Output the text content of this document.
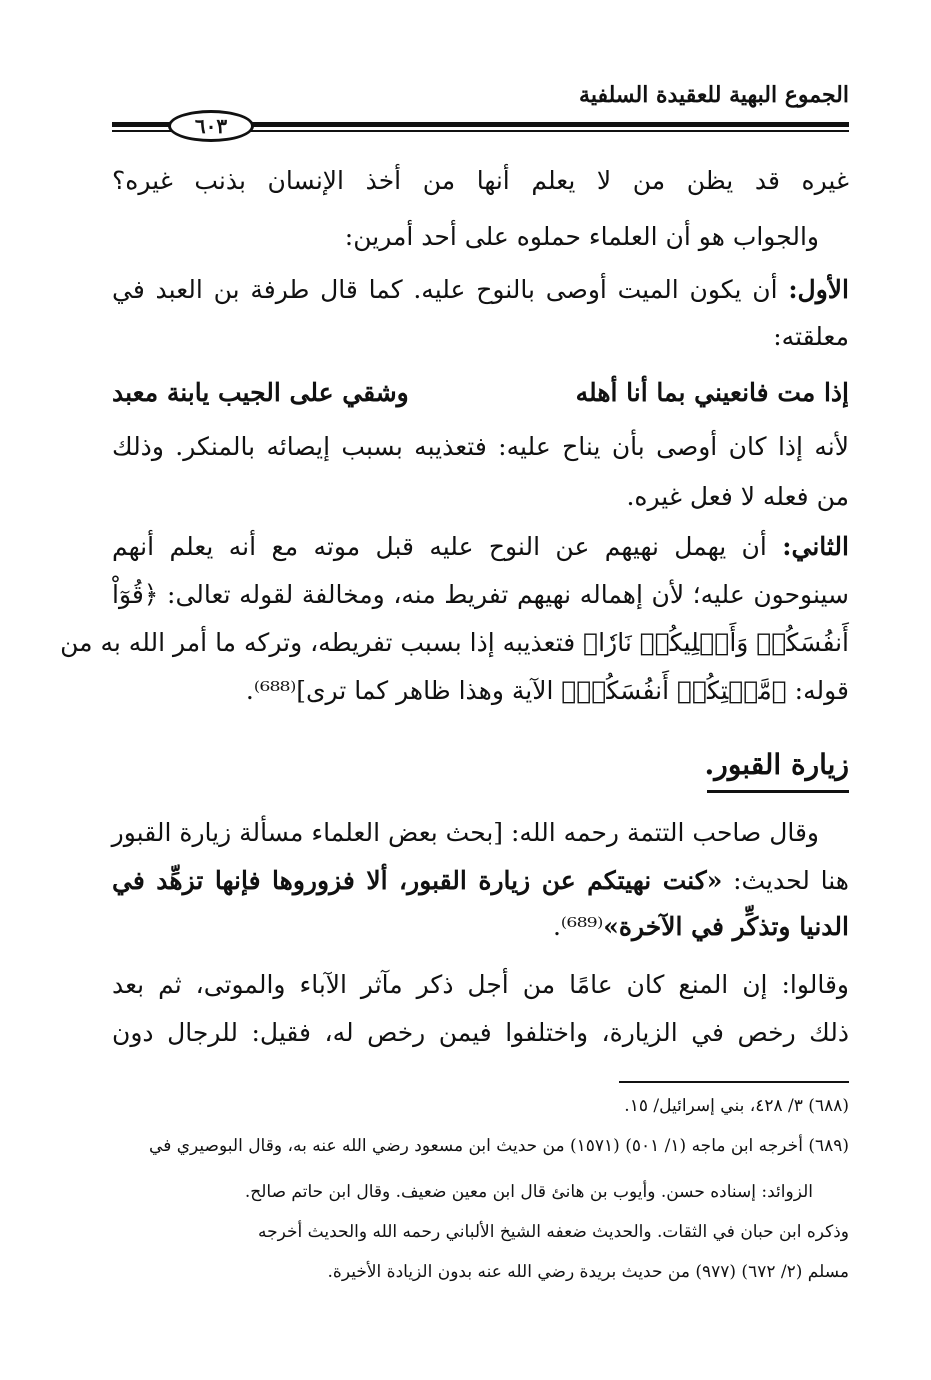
الجموع البهية للعقيدة السلفية
٦٠٣
غيره قد يظن من لا يعلم أنها من أخذ الإنسان بذنب غيره؟
والجواب هو أن العلماء حملوه على أحد أمرين:
الأول: أن يكون الميت أوصى بالنوح عليه. كما قال طرفة بن العبد في
معلقته:
إذا مت فانعيني بما أنا أهله
وشقي على الجيب يابنة معبد
لأنه إذا كان أوصى بأن يناح عليه: فتعذيبه بسبب إيصائه بالمنكر. وذلك
من فعله لا فعل غيره.
الثاني: أن يهمل نهيهم عن النوح عليه قبل موته مع أنه يعلم أنهم
سينوحون عليه؛ لأن إهماله نهيهم تفريط منه، ومخالفة لقوله تعالى: ﴿قُوٓاْ
أَنفُسَكُمۡ وَأَهۡلِيكُمۡ نَارٗا﴾ فتعذيبه إذا بسبب تفريطه، وتركه ما أمر الله به من
قوله: ﴿مَّقۡتِكُمۡ أَنفُسَكُمۡ﴾ الآية وهذا ظاهر كما ترى]⁽⁶⁸⁸⁾.
زيارة القبور.
وقال صاحب التتمة رحمه الله: [بحث بعض العلماء مسألة زيارة القبور
هنا لحديث: «كنت نهيتكم عن زيارة القبور، ألا فزوروها فإنها تزهِّد في
الدنيا وتذكِّر في الآخرة»⁽⁶⁸⁹⁾.
وقالوا: إن المنع كان عامًا من أجل ذكر مآثر الآباء والموتى، ثم بعد
ذلك رخص في الزيارة، واختلفوا فيمن رخص له، فقيل: للرجال دون
(٦٨٨) ٣/ ٤٢٨، بني إسرائيل/ ١٥.
(٦٨٩) أخرجه ابن ماجه (١/ ٥٠١) (١٥٧١) من حديث ابن مسعود رضي الله عنه به، وقال البوصيري في
الزوائد: إسناده حسن. وأيوب بن هانئ قال ابن معين ضعيف. وقال ابن حاتم صالح.
وذكره ابن حبان في الثقات. والحديث ضعفه الشيخ الألباني رحمه الله والحديث أخرجه
مسلم (٢/ ٦٧٢) (٩٧٧) من حديث بريدة رضي الله عنه بدون الزيادة الأخيرة.
